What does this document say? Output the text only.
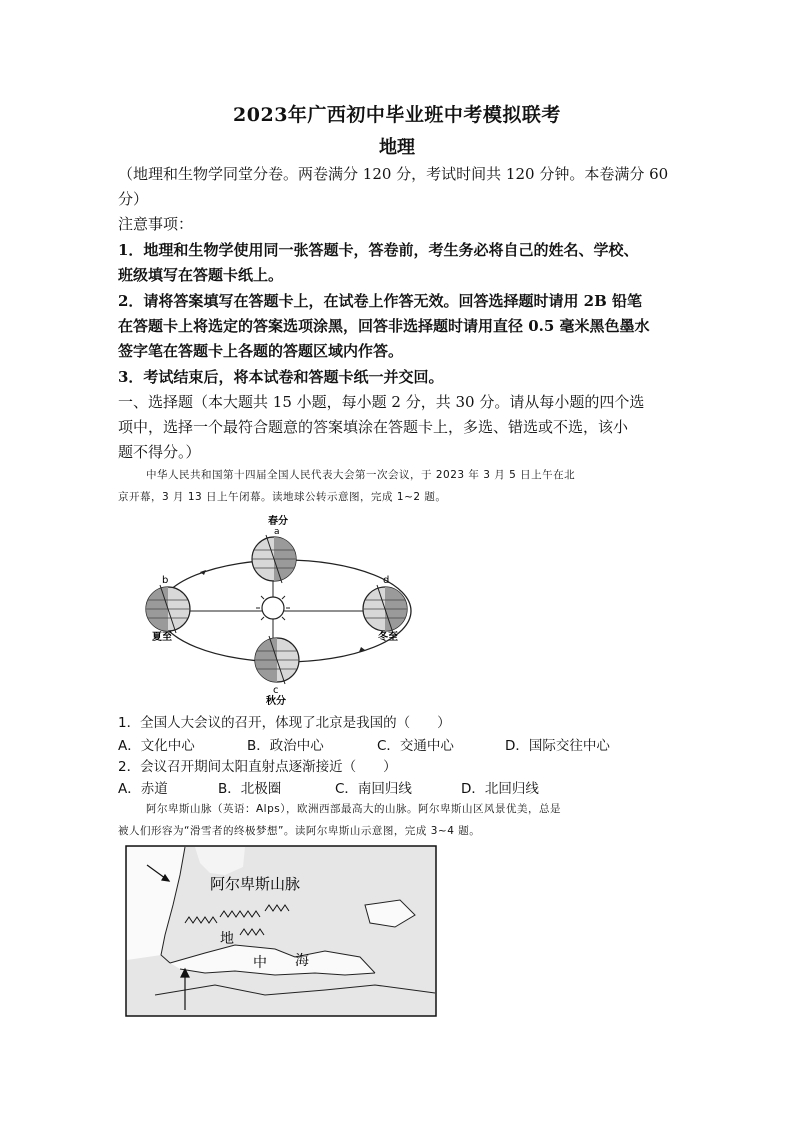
2023年广西初中毕业班中考模拟联考
地理
（地理和生物学同堂分卷。两卷满分 120 分，考试时间共 120 分钟。本卷满分 60
分）
注意事项：
1．地理和生物学使用同一张答题卡，答卷前，考生务必将自己的姓名、学校、
班级填写在答题卡纸上。
2．请将答案填写在答题卡上，在试卷上作答无效。回答选择题时请用 2B 铅笔
在答题卡上将选定的答案选项涂黑，回答非选择题时请用直径 0.5 毫米黑色墨水
签字笔在答题卡上各题的答题区域内作答。
3．考试结束后，将本试卷和答题卡纸一并交回。
一、选择题（本大题共 15 小题，每小题 2 分，共 30 分。请从每小题的四个选
项中，选择一个最符合题意的答案填涂在答题卡上，多选、错选或不选，该小
题不得分。）
中华人民共和国第十四届全国人民代表大会第一次会议，于 2023 年 3 月 5 日上午在北
京开幕，3 月 13 日上午闭幕。读地球公转示意图，完成 1~2 题。
春分
a
b	d
夏至	冬至
c
秋分
1．全国人大会议的召开，体现了北京是我国的（　　）
A．文化中心	B．政治中心	C．交通中心	D．国际交往中心
2．会议召开期间太阳直射点逐渐接近（　　）
A．赤道	B．北极圈	C．南回归线	D．北回归线
阿尔卑斯山脉（英语：Alps），欧洲西部最高大的山脉。阿尔卑斯山区风景优美，总是
被人们形容为“滑雪者的终极梦想”。读阿尔卑斯山示意图，完成 3~4 题。
阿尔卑斯山脉
地
中 海
